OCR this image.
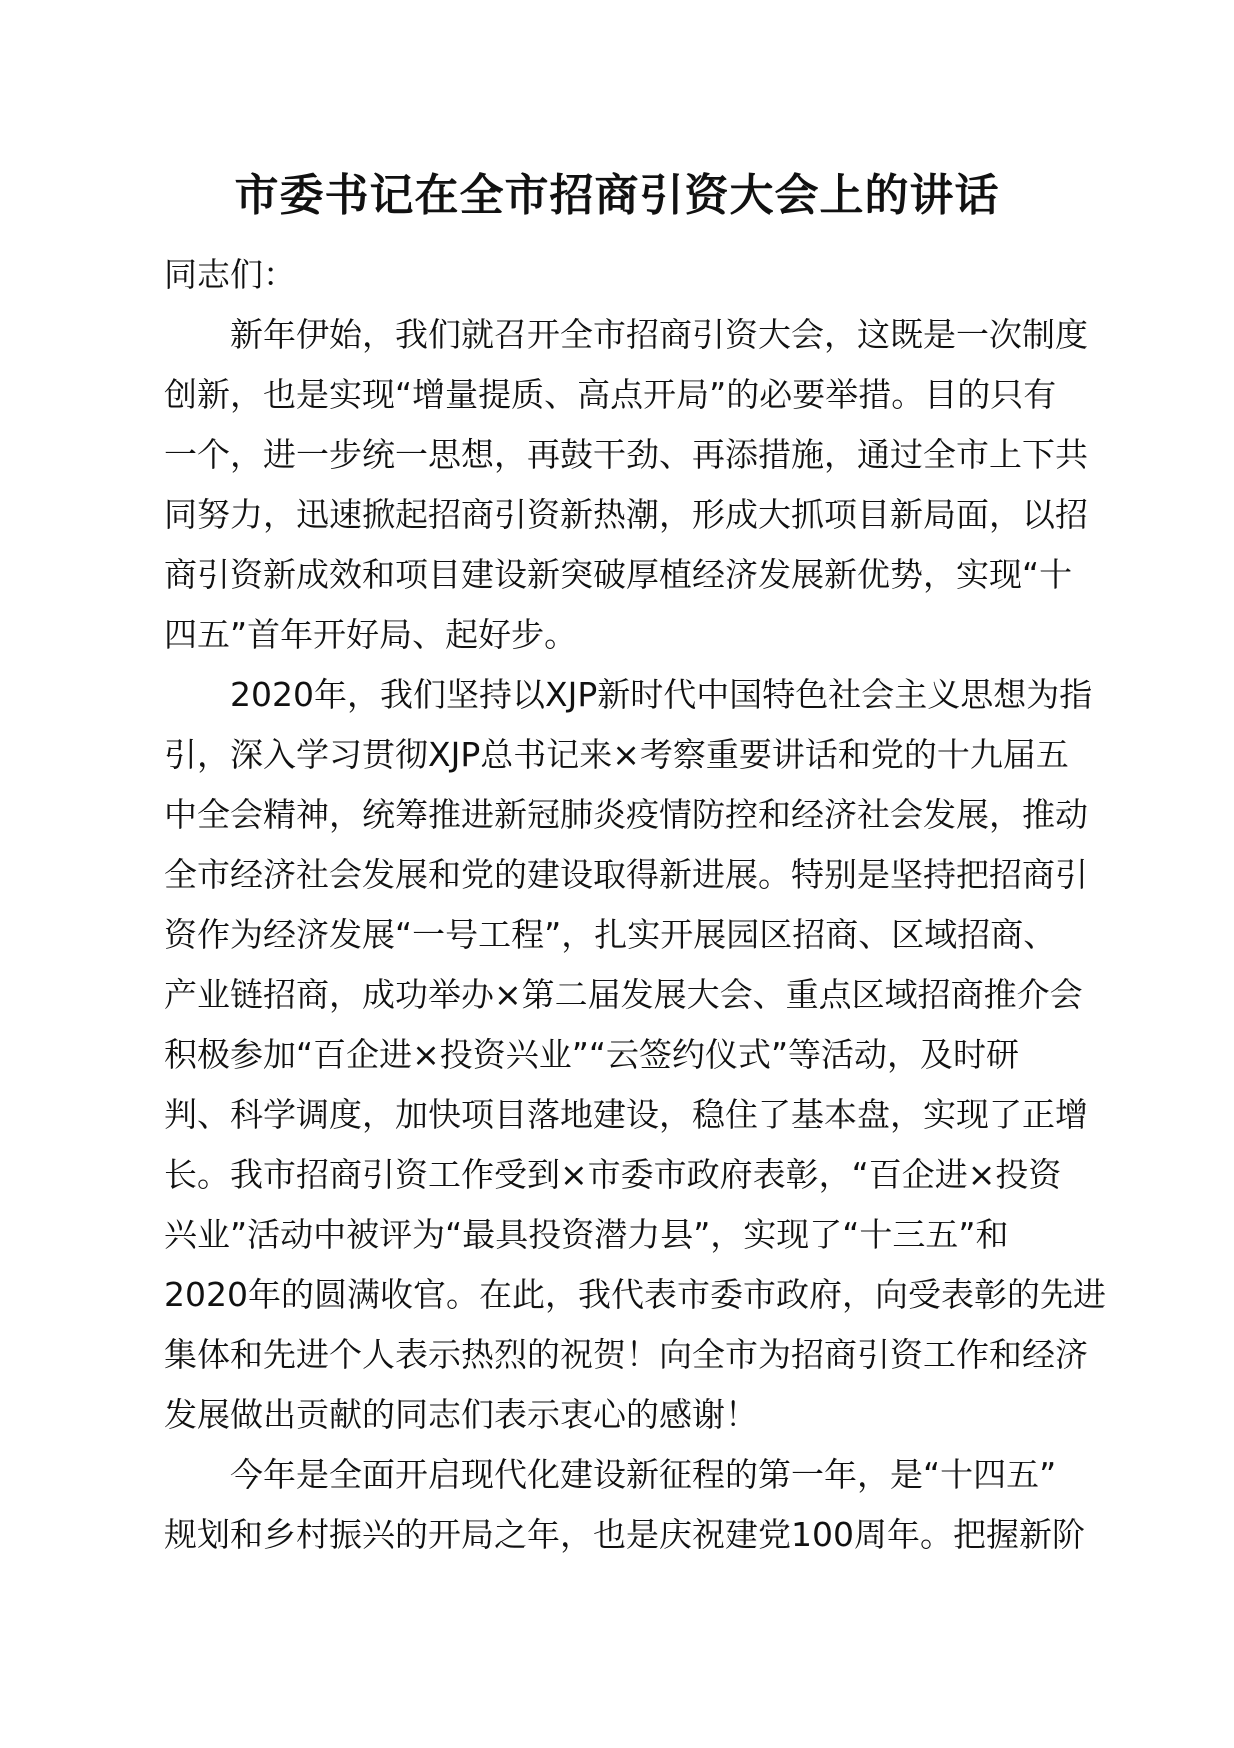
市委书记在全市招商引资大会上的讲话
同志们：
　　新年伊始，我们就召开全市招商引资大会，这既是一次制度
创新，也是实现“增量提质、高点开局”的必要举措。目的只有
一个，进一步统一思想，再鼓干劲、再添措施，通过全市上下共
同努力，迅速掀起招商引资新热潮，形成大抓项目新局面，以招
商引资新成效和项目建设新突破厚植经济发展新优势，实现“十
四五”首年开好局、起好步。
　　2020年，我们坚持以XJP新时代中国特色社会主义思想为指
引，深入学习贯彻XJP总书记来×考察重要讲话和党的十九届五
中全会精神，统筹推进新冠肺炎疫情防控和经济社会发展，推动
全市经济社会发展和党的建设取得新进展。特别是坚持把招商引
资作为经济发展“一号工程”，扎实开展园区招商、区域招商、
产业链招商，成功举办×第二届发展大会、重点区域招商推介会
积极参加“百企进×投资兴业”“云签约仪式”等活动，及时研
判、科学调度，加快项目落地建设，稳住了基本盘，实现了正增
长。我市招商引资工作受到×市委市政府表彰，“百企进×投资
兴业”活动中被评为“最具投资潜力县”，实现了“十三五”和
2020年的圆满收官。在此，我代表市委市政府，向受表彰的先进
集体和先进个人表示热烈的祝贺！向全市为招商引资工作和经济
发展做出贡献的同志们表示衷心的感谢！
　　今年是全面开启现代化建设新征程的第一年，是“十四五”
规划和乡村振兴的开局之年，也是庆祝建党100周年。把握新阶
